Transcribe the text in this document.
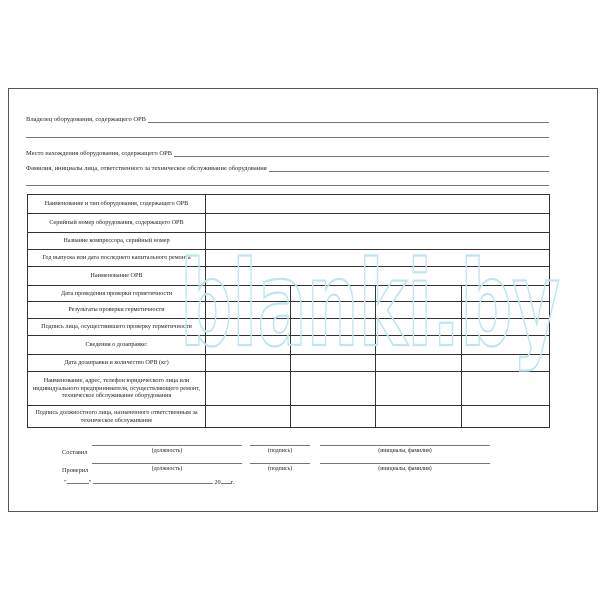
Владелец оборудования, содержащего ОРВ
Место нахождения оборудования, содержащего ОРВ
Фамилия, инициалы лица, ответственного за техническое обслуживание оборудования
Наименование и тип оборудования, содержащего ОРВ				
Серийный номер оборудования, содержащего ОРВ				
Название компрессора, серийный номер				
Год выпуска или дата последнего капитального ремонта				
Наименование ОРВ				
Дата проведения проверки герметичности				
Результаты проверки герметичности				
Подпись лица, осуществившего проверку герметичности				
Сведения о дозаправке:				
Дата дозаправки и количество ОРВ (кг)				
Наименование, адрес, телефон юридического лица или индивидуального предпринимателя, осуществляющего ремонт, техническое обслуживание оборудования				
Подпись должностного лица, назначенного ответственным за техническое обслуживание				
Составил	(должность)	(подпись)	(инициалы, фамилия)
Проверил	(должность)	(подпись)	(инициалы, фамилия)
"	"	20 г.
blanki.by
